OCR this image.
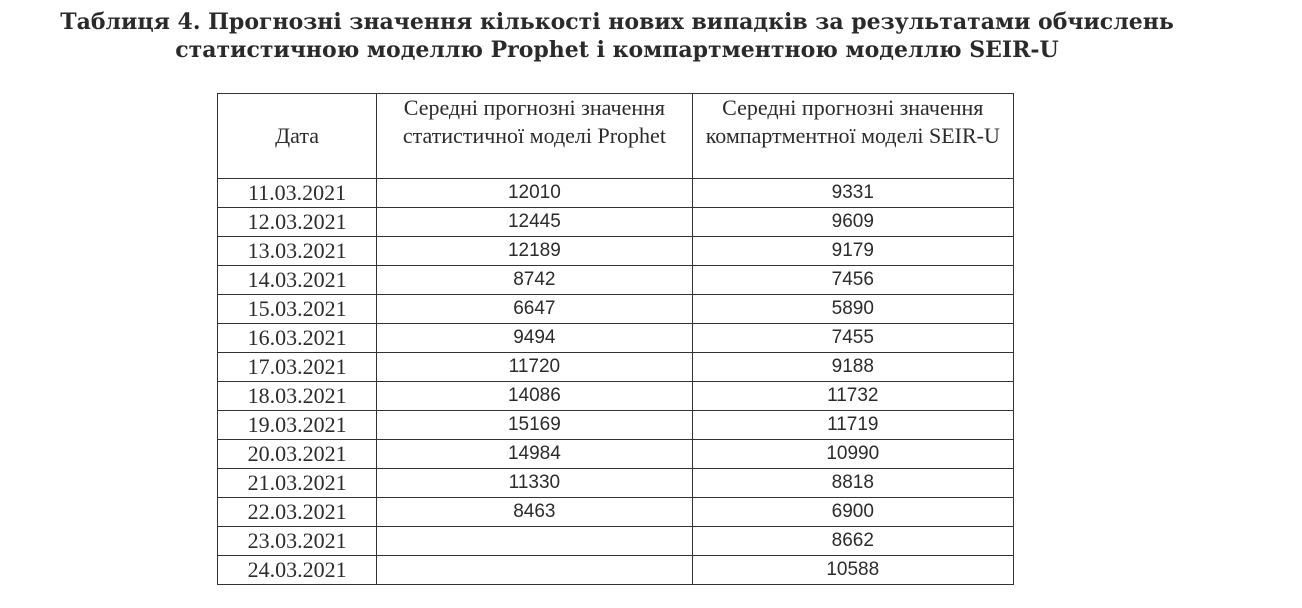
Таблиця 4. Прогнозні значення кількості нових випадків за результатами обчислень
статистичною моделлю Prophet і компартментною моделлю SEIR-U
Дата	Середні прогнозні значення статистичної моделі Prophet	Середні прогнозні значення компартментної моделі SEIR-U
11.03.2021	12010	9331
12.03.2021	12445	9609
13.03.2021	12189	9179
14.03.2021	8742	7456
15.03.2021	6647	5890
16.03.2021	9494	7455
17.03.2021	11720	9188
18.03.2021	14086	11732
19.03.2021	15169	11719
20.03.2021	14984	10990
21.03.2021	11330	8818
22.03.2021	8463	6900
23.03.2021		8662
24.03.2021		10588
